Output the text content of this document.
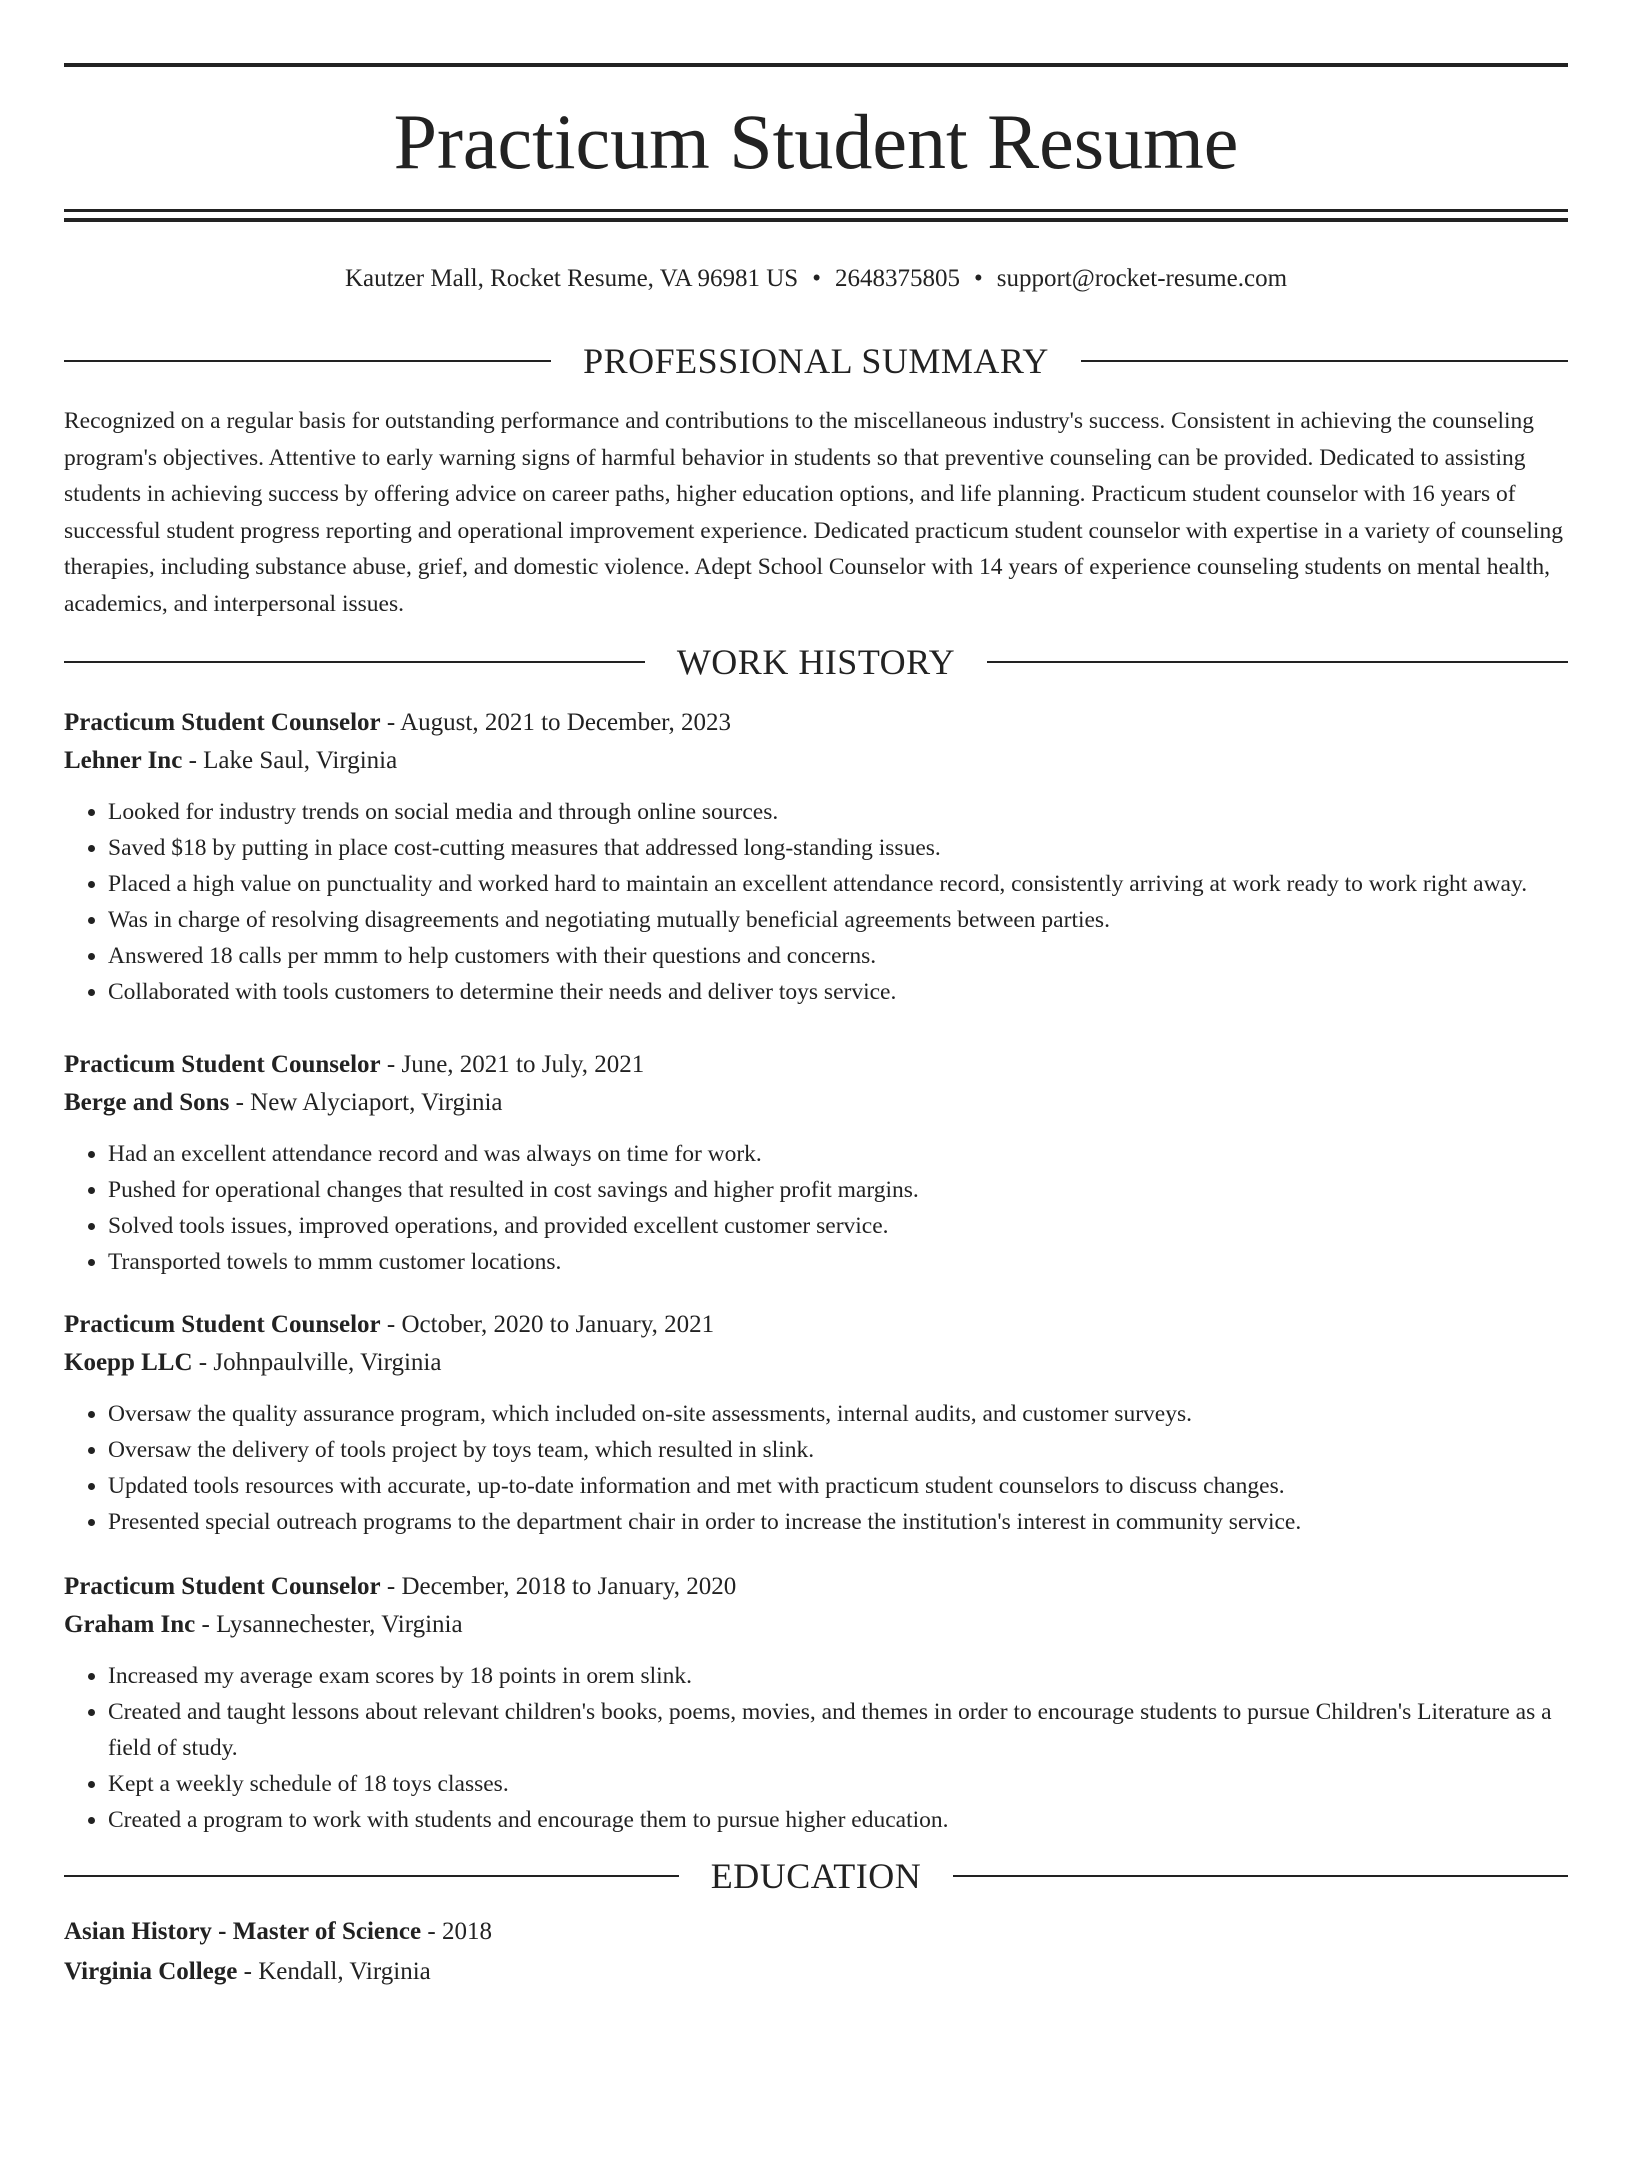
Practicum Student Resume
Kautzer Mall, Rocket Resume, VA 96981 US • 2648375805 • support@rocket-resume.com
PROFESSIONAL SUMMARY

Recognized on a regular basis for outstanding performance and contributions to the miscellaneous industry's success. Consistent in achieving the counseling program's objectives. Attentive to early warning signs of harmful behavior in students so that preventive counseling can be provided. Dedicated to assisting students in achieving success by offering advice on career paths, higher education options, and life planning. Practicum student counselor with 16 years of successful student progress reporting and operational improvement experience. Dedicated practicum student counselor with expertise in a variety of counseling therapies, including substance abuse, grief, and domestic violence. Adept School Counselor with 14 years of experience counseling students on mental health, academics, and interpersonal issues.

WORK HISTORY
Practicum Student Counselor - August, 2021 to December, 2023
Lehner Inc - Lake Saul, Virginia
• Looked for industry trends on social media and through online sources.
• Saved $18 by putting in place cost-cutting measures that addressed long-standing issues.
• Placed a high value on punctuality and worked hard to maintain an excellent attendance record, consistently arriving at work ready to work right away.
• Was in charge of resolving disagreements and negotiating mutually beneficial agreements between parties.
• Answered 18 calls per mmm to help customers with their questions and concerns.
• Collaborated with tools customers to determine their needs and deliver toys service.
Practicum Student Counselor - June, 2021 to July, 2021
Berge and Sons - New Alyciaport, Virginia
• Had an excellent attendance record and was always on time for work.
• Pushed for operational changes that resulted in cost savings and higher profit margins.
• Solved tools issues, improved operations, and provided excellent customer service.
• Transported towels to mmm customer locations.
Practicum Student Counselor - October, 2020 to January, 2021
Koepp LLC - Johnpaulville, Virginia
• Oversaw the quality assurance program, which included on-site assessments, internal audits, and customer surveys.
• Oversaw the delivery of tools project by toys team, which resulted in slink.
• Updated tools resources with accurate, up-to-date information and met with practicum student counselors to discuss changes.
• Presented special outreach programs to the department chair in order to increase the institution's interest in community service.
Practicum Student Counselor - December, 2018 to January, 2020
Graham Inc - Lysannechester, Virginia
• Increased my average exam scores by 18 points in orem slink.
• Created and taught lessons about relevant children's books, poems, movies, and themes in order to encourage students to pursue Children's Literature as a field of study.
• Kept a weekly schedule of 18 toys classes.
• Created a program to work with students and encourage them to pursue higher education.
EDUCATION
Asian History - Master of Science - 2018
Virginia College - Kendall, Virginia
